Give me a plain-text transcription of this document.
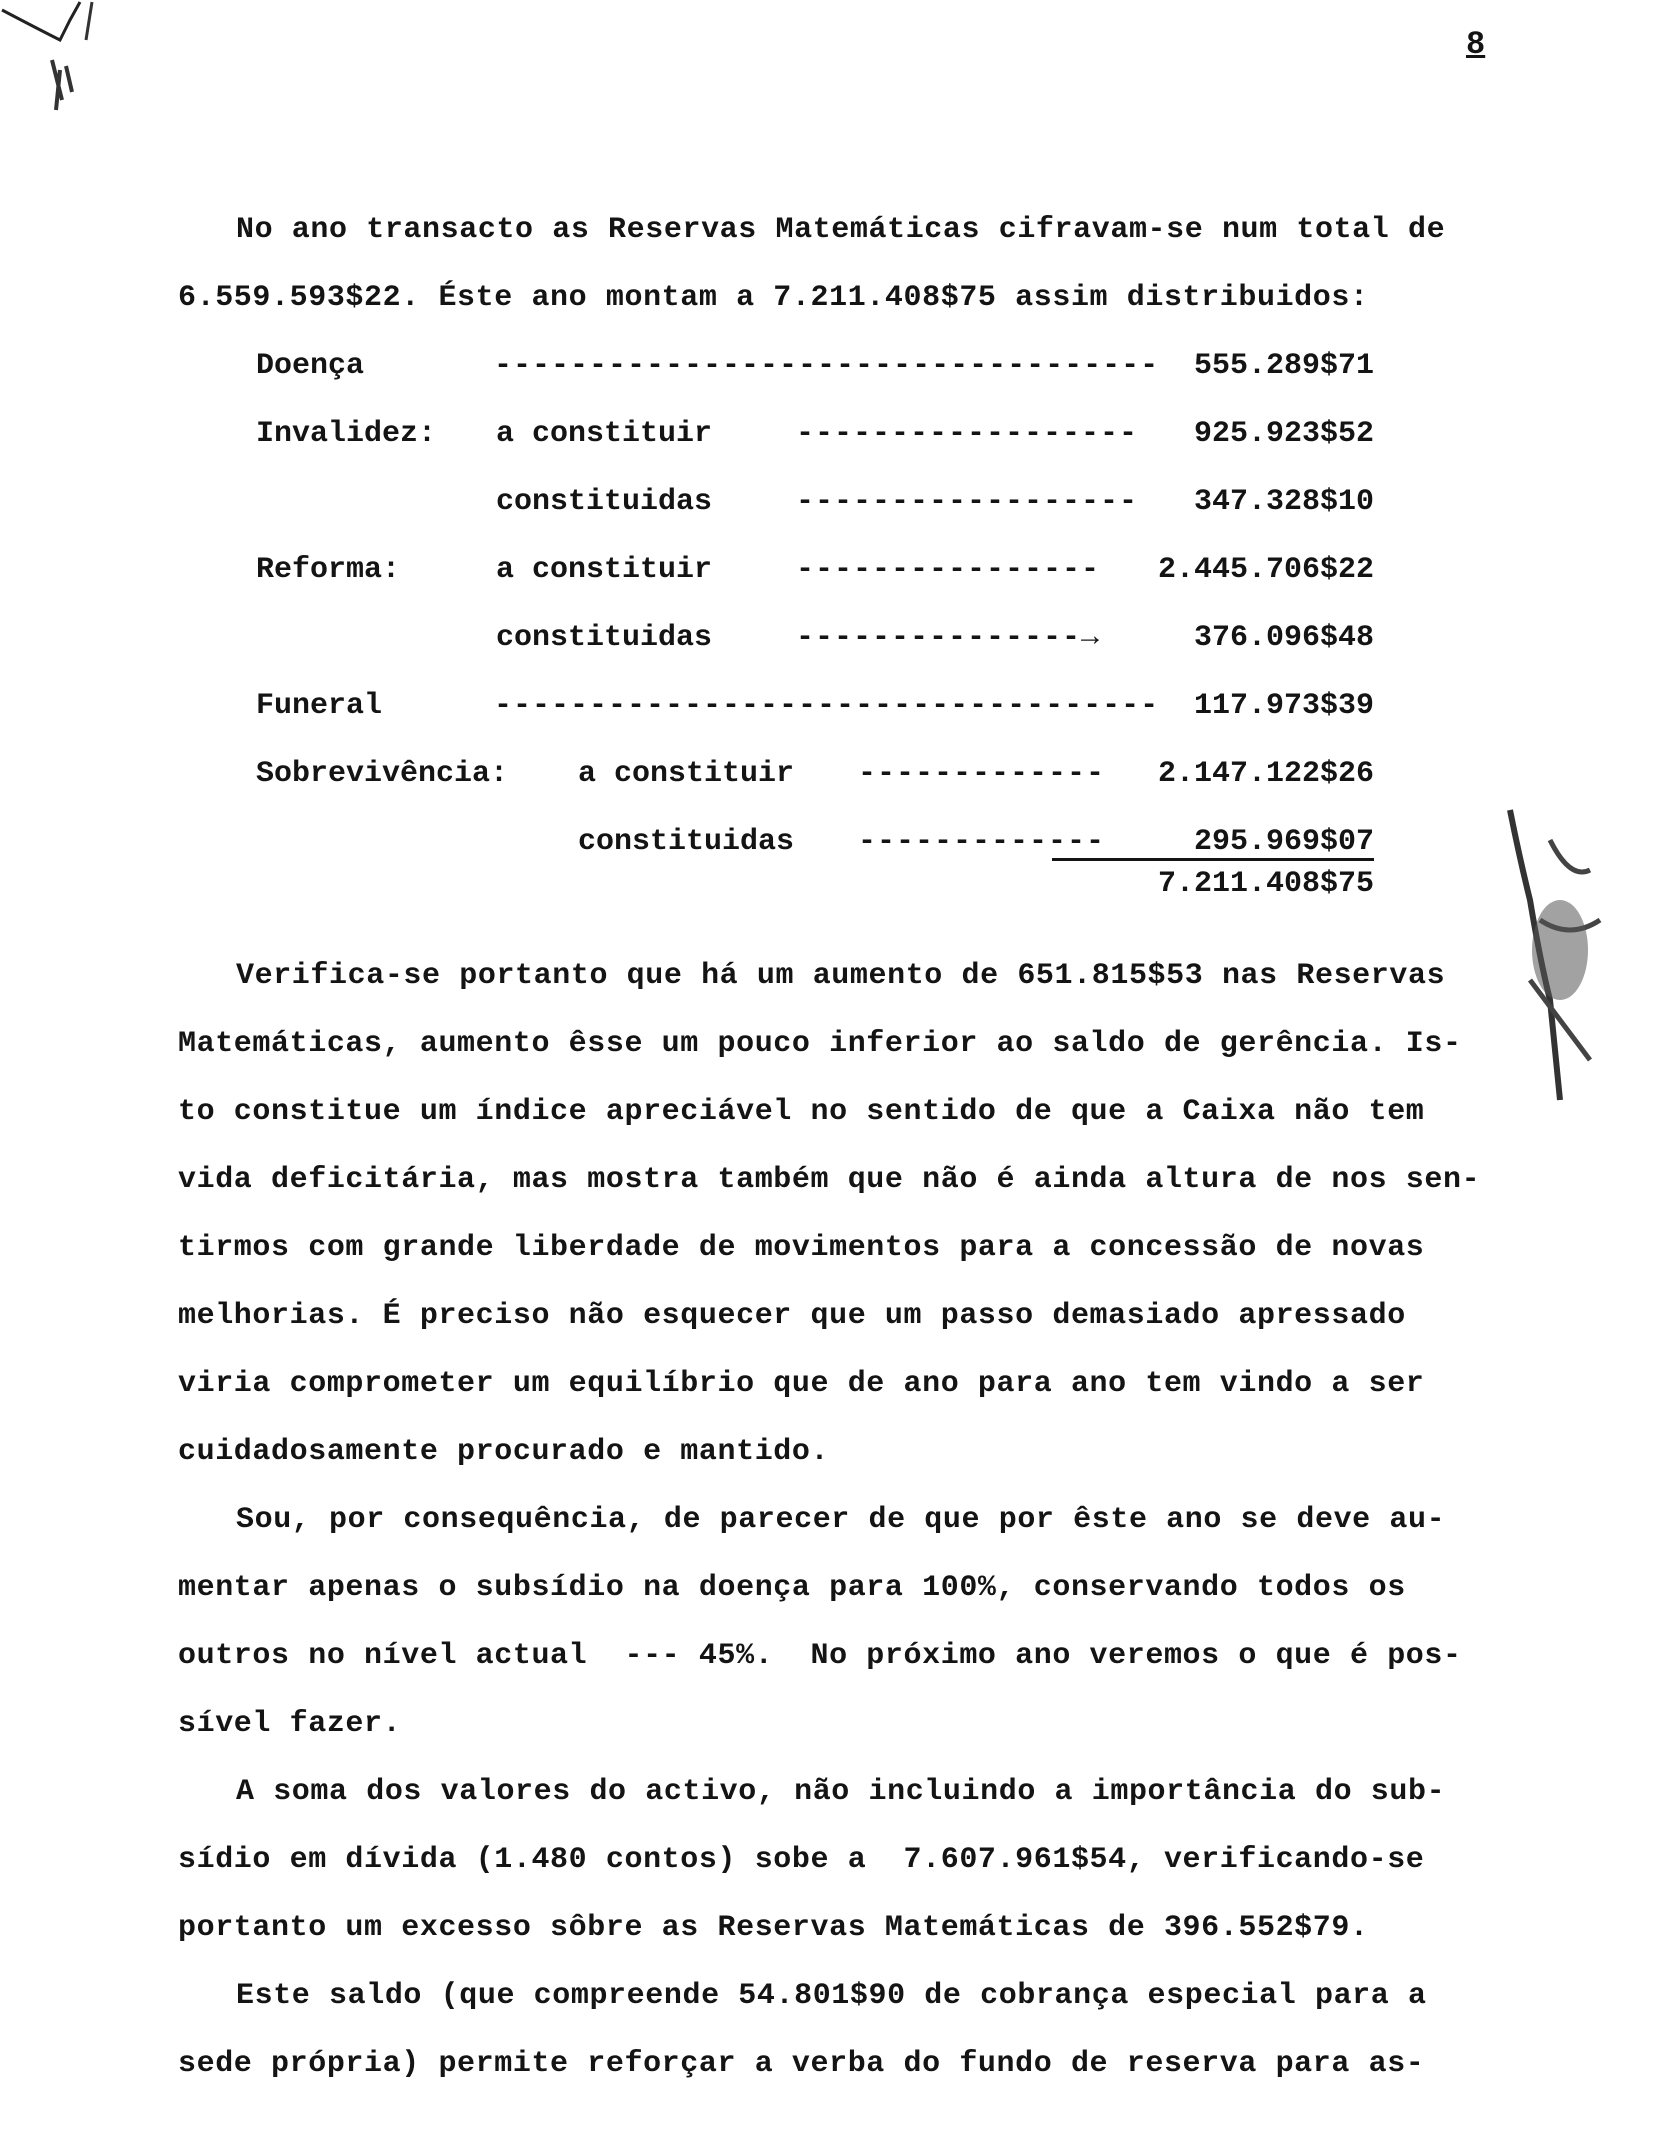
8
No ano transacto as Reservas Matemáticas cifravam-se num total de
6.559.593$22. Éste ano montam a 7.211.408$75 assim distribuidos:
Doença	-----------------------------------	555.289$71
Invalidez: a constituir	------------------	925.923$52
constituidas	------------------	347.328$10
Reforma:	a constituir	----------------	2.445.706$22
constituidas	---------------→	376.096$48
Funeral	-----------------------------------	117.973$39
Sobrevivência: a constituir -------------	2.147.122$26
constituidas -------------	295.969$07
7.211.408$75
Verifica-se portanto que há um aumento de 651.815$53 nas Reservas
Matemáticas, aumento êsse um pouco inferior ao saldo de gerência. Is-
to constitue um índice apreciável no sentido de que a Caixa não tem
vida deficitária, mas mostra também que não é ainda altura de nos sen-
tirmos com grande liberdade de movimentos para a concessão de novas
melhorias. É preciso não esquecer que um passo demasiado apressado
viria comprometer um equilíbrio que de ano para ano tem vindo a ser
cuidadosamente procurado e mantido.
Sou, por consequência, de parecer de que por êste ano se deve au-
mentar apenas o subsídio na doença para 100%, conservando todos os
outros no nível actual  --- 45%.  No próximo ano veremos o que é pos-
sível fazer.
A soma dos valores do activo, não incluindo a importância do sub-
sídio em dívida (1.480 contos) sobe a  7.607.961$54, verificando-se
portanto um excesso sôbre as Reservas Matemáticas de 396.552$79.
Este saldo (que compreende 54.801$90 de cobrança especial para a
sede própria) permite reforçar a verba do fundo de reserva para as-
